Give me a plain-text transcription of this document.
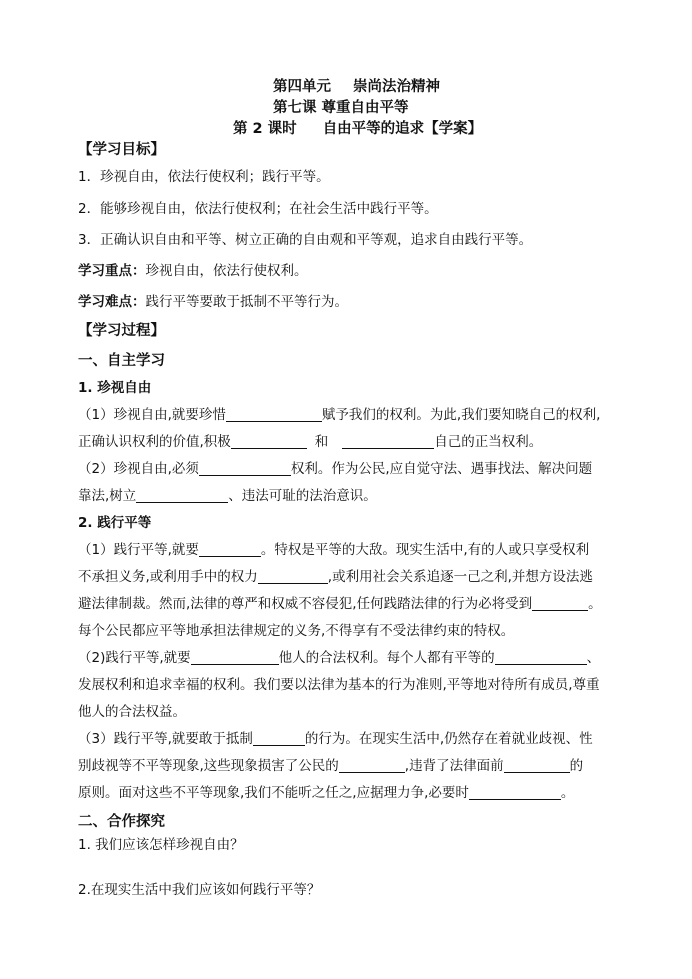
第四单元 崇尚法治精神
第七课 尊重自由平等
第 2 课时 自由平等的追求【学案】
【学习目标】
1．珍视自由，依法行使权利；践行平等。
2．能够珍视自由，依法行使权利；在社会生活中践行平等。
3．正确认识自由和平等、树立正确的自由观和平等观，追求自由践行平等。
学习重点：珍视自由，依法行使权利。
学习难点：践行平等要敢于抵制不平等行为。
【学习过程】
一、自主学习
1. 珍视自由
（1）珍视自由,就要珍惜	赋予我们的权利。为此,我们要知晓自己的权利,
正确认识权利的价值,积极	和	自己的正当权利。
（2）珍视自由,必须	权利。作为公民,应自觉守法、遇事找法、解决问题
靠法,树立	、违法可耻的法治意识。
2. 践行平等
（1）践行平等,就要	。特权是平等的大敌。现实生活中,有的人或只享受权利
不承担义务,或利用手中的权力	,或利用社会关系追逐一己之利,并想方设法逃
避法律制裁。然而,法律的尊严和权威不容侵犯,任何践踏法律的行为必将受到	。
每个公民都应平等地承担法律规定的义务,不得享有不受法律约束的特权。
（2)践行平等,就要	他人的合法权利。每个人都有平等的	、
发展权利和追求幸福的权利。我们要以法律为基本的行为准则,平等地对待所有成员,尊重
他人的合法权益。
（3）践行平等,就要敢于抵制	的行为。在现实生活中,仍然存在着就业歧视、性
别歧视等不平等现象,这些现象损害了公民的	,违背了法律面前	的
原则。面对这些不平等现象,我们不能听之任之,应据理力争,必要时	。
二、合作探究
1. 我们应该怎样珍视自由？
2.在现实生活中我们应该如何践行平等？
